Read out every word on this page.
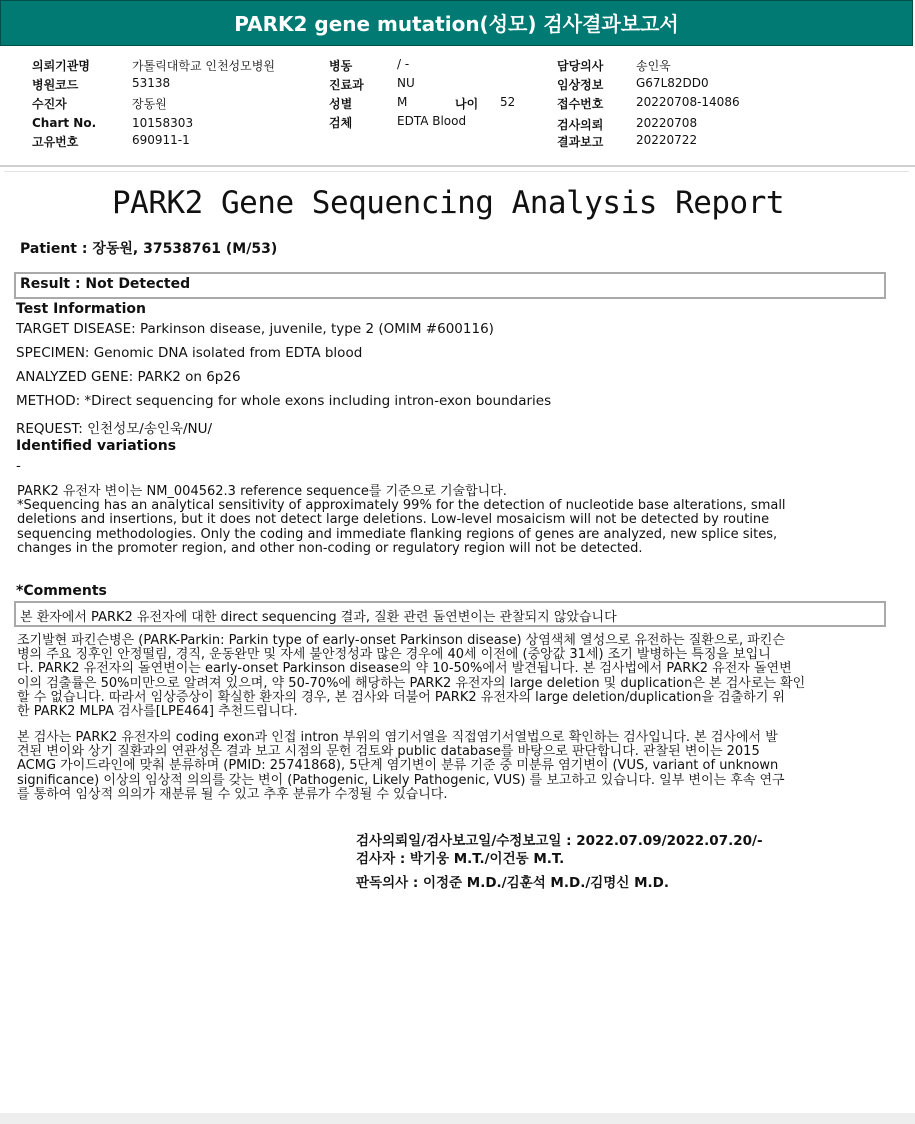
PARK2 gene mutation(성모) 검사결과보고서
의뢰기관명	가톨릭대학교 인천성모병원
병원코드	53138
수진자	장동원
Chart No.	10158303
고유번호	690911-1
병동	/ -
진료과	NU
성별	M	나이 52
검체	EDTA Blood
담당의사	송인욱
임상정보	G67L82DD0
접수번호	20220708-14086
검사의뢰	20220708
결과보고	20220722
PARK2 Gene Sequencing Analysis Report
Patient : 장동원, 37538761 (M/53)
Result : Not Detected
Test Information
TARGET DISEASE: Parkinson disease, juvenile, type 2 (OMIM #600116)
SPECIMEN: Genomic DNA isolated from EDTA blood
ANALYZED GENE: PARK2 on 6p26
METHOD: *Direct sequencing for whole exons including intron-exon boundaries
REQUEST: 인천성모/송인욱/NU/
Identified variations
-
PARK2 유전자 변이는 NM_004562.3 reference sequence를 기준으로 기술합니다.
*Sequencing has an analytical sensitivity of approximately 99% for the detection of nucleotide base alterations, small
deletions and insertions, but it does not detect large deletions. Low-level mosaicism will not be detected by routine
sequencing methodologies. Only the coding and immediate flanking regions of genes are analyzed, new splice sites,
changes in the promoter region, and other non-coding or regulatory region will not be detected.
*Comments
본 환자에서 PARK2 유전자에 대한 direct sequencing 결과, 질환 관련 돌연변이는 관찰되지 않았습니다
조기발현 파킨슨병은 (PARK-Parkin: Parkin type of early-onset Parkinson disease) 상염색체 열성으로 유전하는 질환으로, 파킨슨
병의 주요 징후인 안정떨림, 경직, 운동완만 및 자세 불안정성과 많은 경우에 40세 이전에 (중앙값 31세) 조기 발병하는 특징을 보입니
다. PARK2 유전자의 돌연변이는 early-onset Parkinson disease의 약 10-50%에서 발견됩니다. 본 검사법에서 PARK2 유전자 돌연변
이의 검출률은 50%미만으로 알려져 있으며, 약 50-70%에 해당하는 PARK2 유전자의 large deletion 및 duplication은 본 검사로는 확인
할 수 없습니다. 따라서 임상증상이 확실한 환자의 경우, 본 검사와 더불어 PARK2 유전자의 large deletion/duplication을 검출하기 위
한 PARK2 MLPA 검사를[LPE464] 추천드립니다.
본 검사는 PARK2 유전자의 coding exon과 인접 intron 부위의 염기서열을 직접염기서열법으로 확인하는 검사입니다. 본 검사에서 발
견된 변이와 상기 질환과의 연관성은 결과 보고 시점의 문헌 검토와 public database를 바탕으로 판단합니다. 관찰된 변이는 2015
ACMG 가이드라인에 맞춰 분류하며 (PMID: 25741868), 5단계 염기변이 분류 기준 중 미분류 염기변이 (VUS, variant of unknown
significance) 이상의 임상적 의의를 갖는 변이 (Pathogenic, Likely Pathogenic, VUS) 를 보고하고 있습니다. 일부 변이는 후속 연구
를 통하여 임상적 의의가 재분류 될 수 있고 추후 분류가 수정될 수 있습니다.
검사의뢰일/검사보고일/수정보고일 : 2022.07.09/2022.07.20/-
검사자 : 박기웅 M.T./이건동 M.T.
판독의사 : 이정준 M.D./김훈석 M.D./김명신 M.D.
